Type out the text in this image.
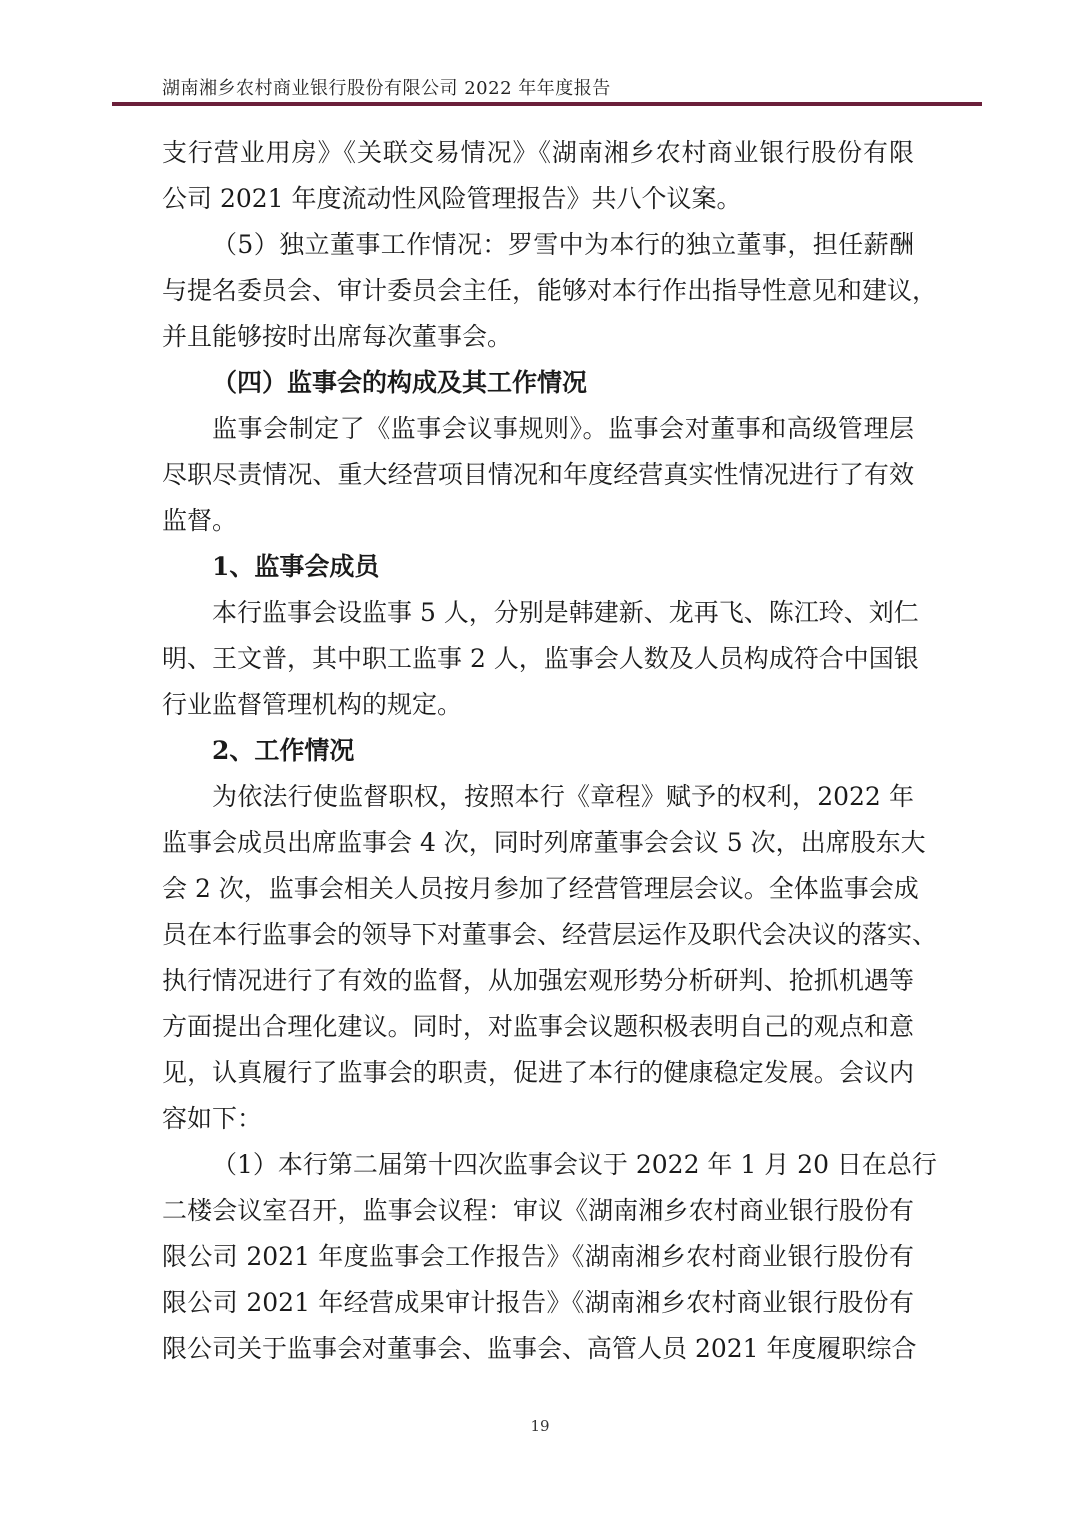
湖南湘乡农村商业银行股份有限公司 2022 年年度报告
支行营业用房》《关联交易情况》《湖南湘乡农村商业银行股份有限
公司 2021 年度流动性风险管理报告》共八个议案。
（5）独立董事工作情况：罗雪中为本行的独立董事，担任薪酬
与提名委员会、审计委员会主任，能够对本行作出指导性意见和建议，
并且能够按时出席每次董事会。
（四）监事会的构成及其工作情况
监事会制定了《监事会议事规则》。监事会对董事和高级管理层
尽职尽责情况、重大经营项目情况和年度经营真实性情况进行了有效
监督。
1、监事会成员
本行监事会设监事 5 人，分别是韩建新、龙再飞、陈江玲、刘仁
明、王文普，其中职工监事 2 人，监事会人数及人员构成符合中国银
行业监督管理机构的规定。
2、工作情况
为依法行使监督职权，按照本行《章程》赋予的权利，2022 年
监事会成员出席监事会 4 次，同时列席董事会会议 5 次，出席股东大
会 2 次，监事会相关人员按月参加了经营管理层会议。全体监事会成
员在本行监事会的领导下对董事会、经营层运作及职代会决议的落实、
执行情况进行了有效的监督，从加强宏观形势分析研判、抢抓机遇等
方面提出合理化建议。同时，对监事会议题积极表明自己的观点和意
见，认真履行了监事会的职责，促进了本行的健康稳定发展。会议内
容如下：
（1）本行第二届第十四次监事会议于 2022 年 1 月 20 日在总行
二楼会议室召开，监事会议程：审议《湖南湘乡农村商业银行股份有
限公司 2021 年度监事会工作报告》《湖南湘乡农村商业银行股份有
限公司 2021 年经营成果审计报告》《湖南湘乡农村商业银行股份有
限公司关于监事会对董事会、监事会、高管人员 2021 年度履职综合
19
